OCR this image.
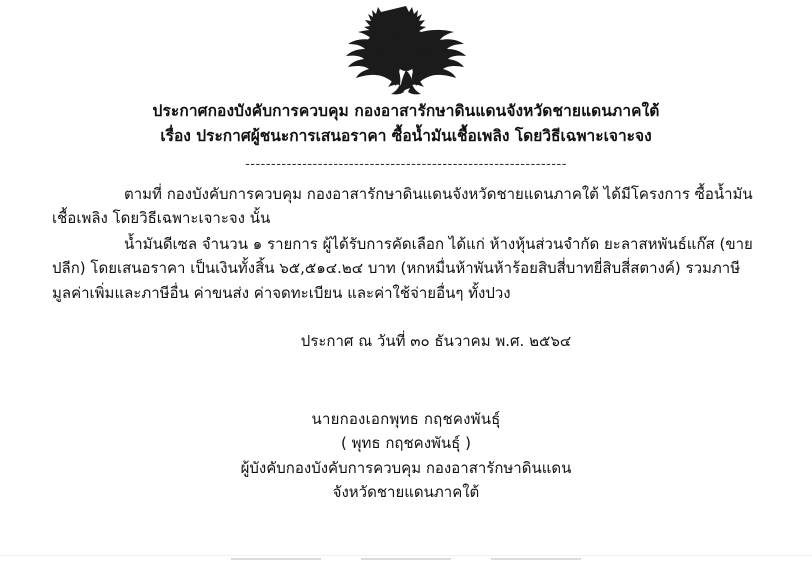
ประกาศกองบังคับการควบคุม กองอาสารักษาดินแดนจังหวัดชายแดนภาคใต้
เรื่อง ประกาศผู้ชนะการเสนอราคา ซื้อน้ำมันเชื้อเพลิง โดยวิธีเฉพาะเจาะจง
--------------------------------------------------------------

ตามที่ กองบังคับการควบคุม กองอาสารักษาดินแดนจังหวัดชายแดนภาคใต้ ได้มีโครงการ ซื้อน้ำมันเชื้อเพลิง โดยวิธีเฉพาะเจาะจง นั้น

น้ำมันดีเซล จำนวน ๑ รายการ ผู้ได้รับการคัดเลือก ได้แก่ ห้างหุ้นส่วนจำกัด ยะลาสหพันธ์แก๊ส (ขายปลีก) โดยเสนอราคา เป็นเงินทั้งสิ้น ๖๕,๕๑๔.๒๔ บาท (หกหมื่นห้าพันห้าร้อยสิบสี่บาทยี่สิบสี่สตางค์) รวมภาษีมูลค่าเพิ่มและภาษีอื่น ค่าขนส่ง ค่าจดทะเบียน และค่าใช้จ่ายอื่นๆ ทั้งปวง

ประกาศ ณ วันที่ ๓๐ ธันวาคม พ.ศ. ๒๕๖๔
นายกองเอกพุทธ กฤชคงพันธุ์
( พุทธ กฤชคงพันธุ์ )
ผู้บังคับกองบังคับการควบคุม กองอาสารักษาดินแดน
จังหวัดชายแดนภาคใต้
